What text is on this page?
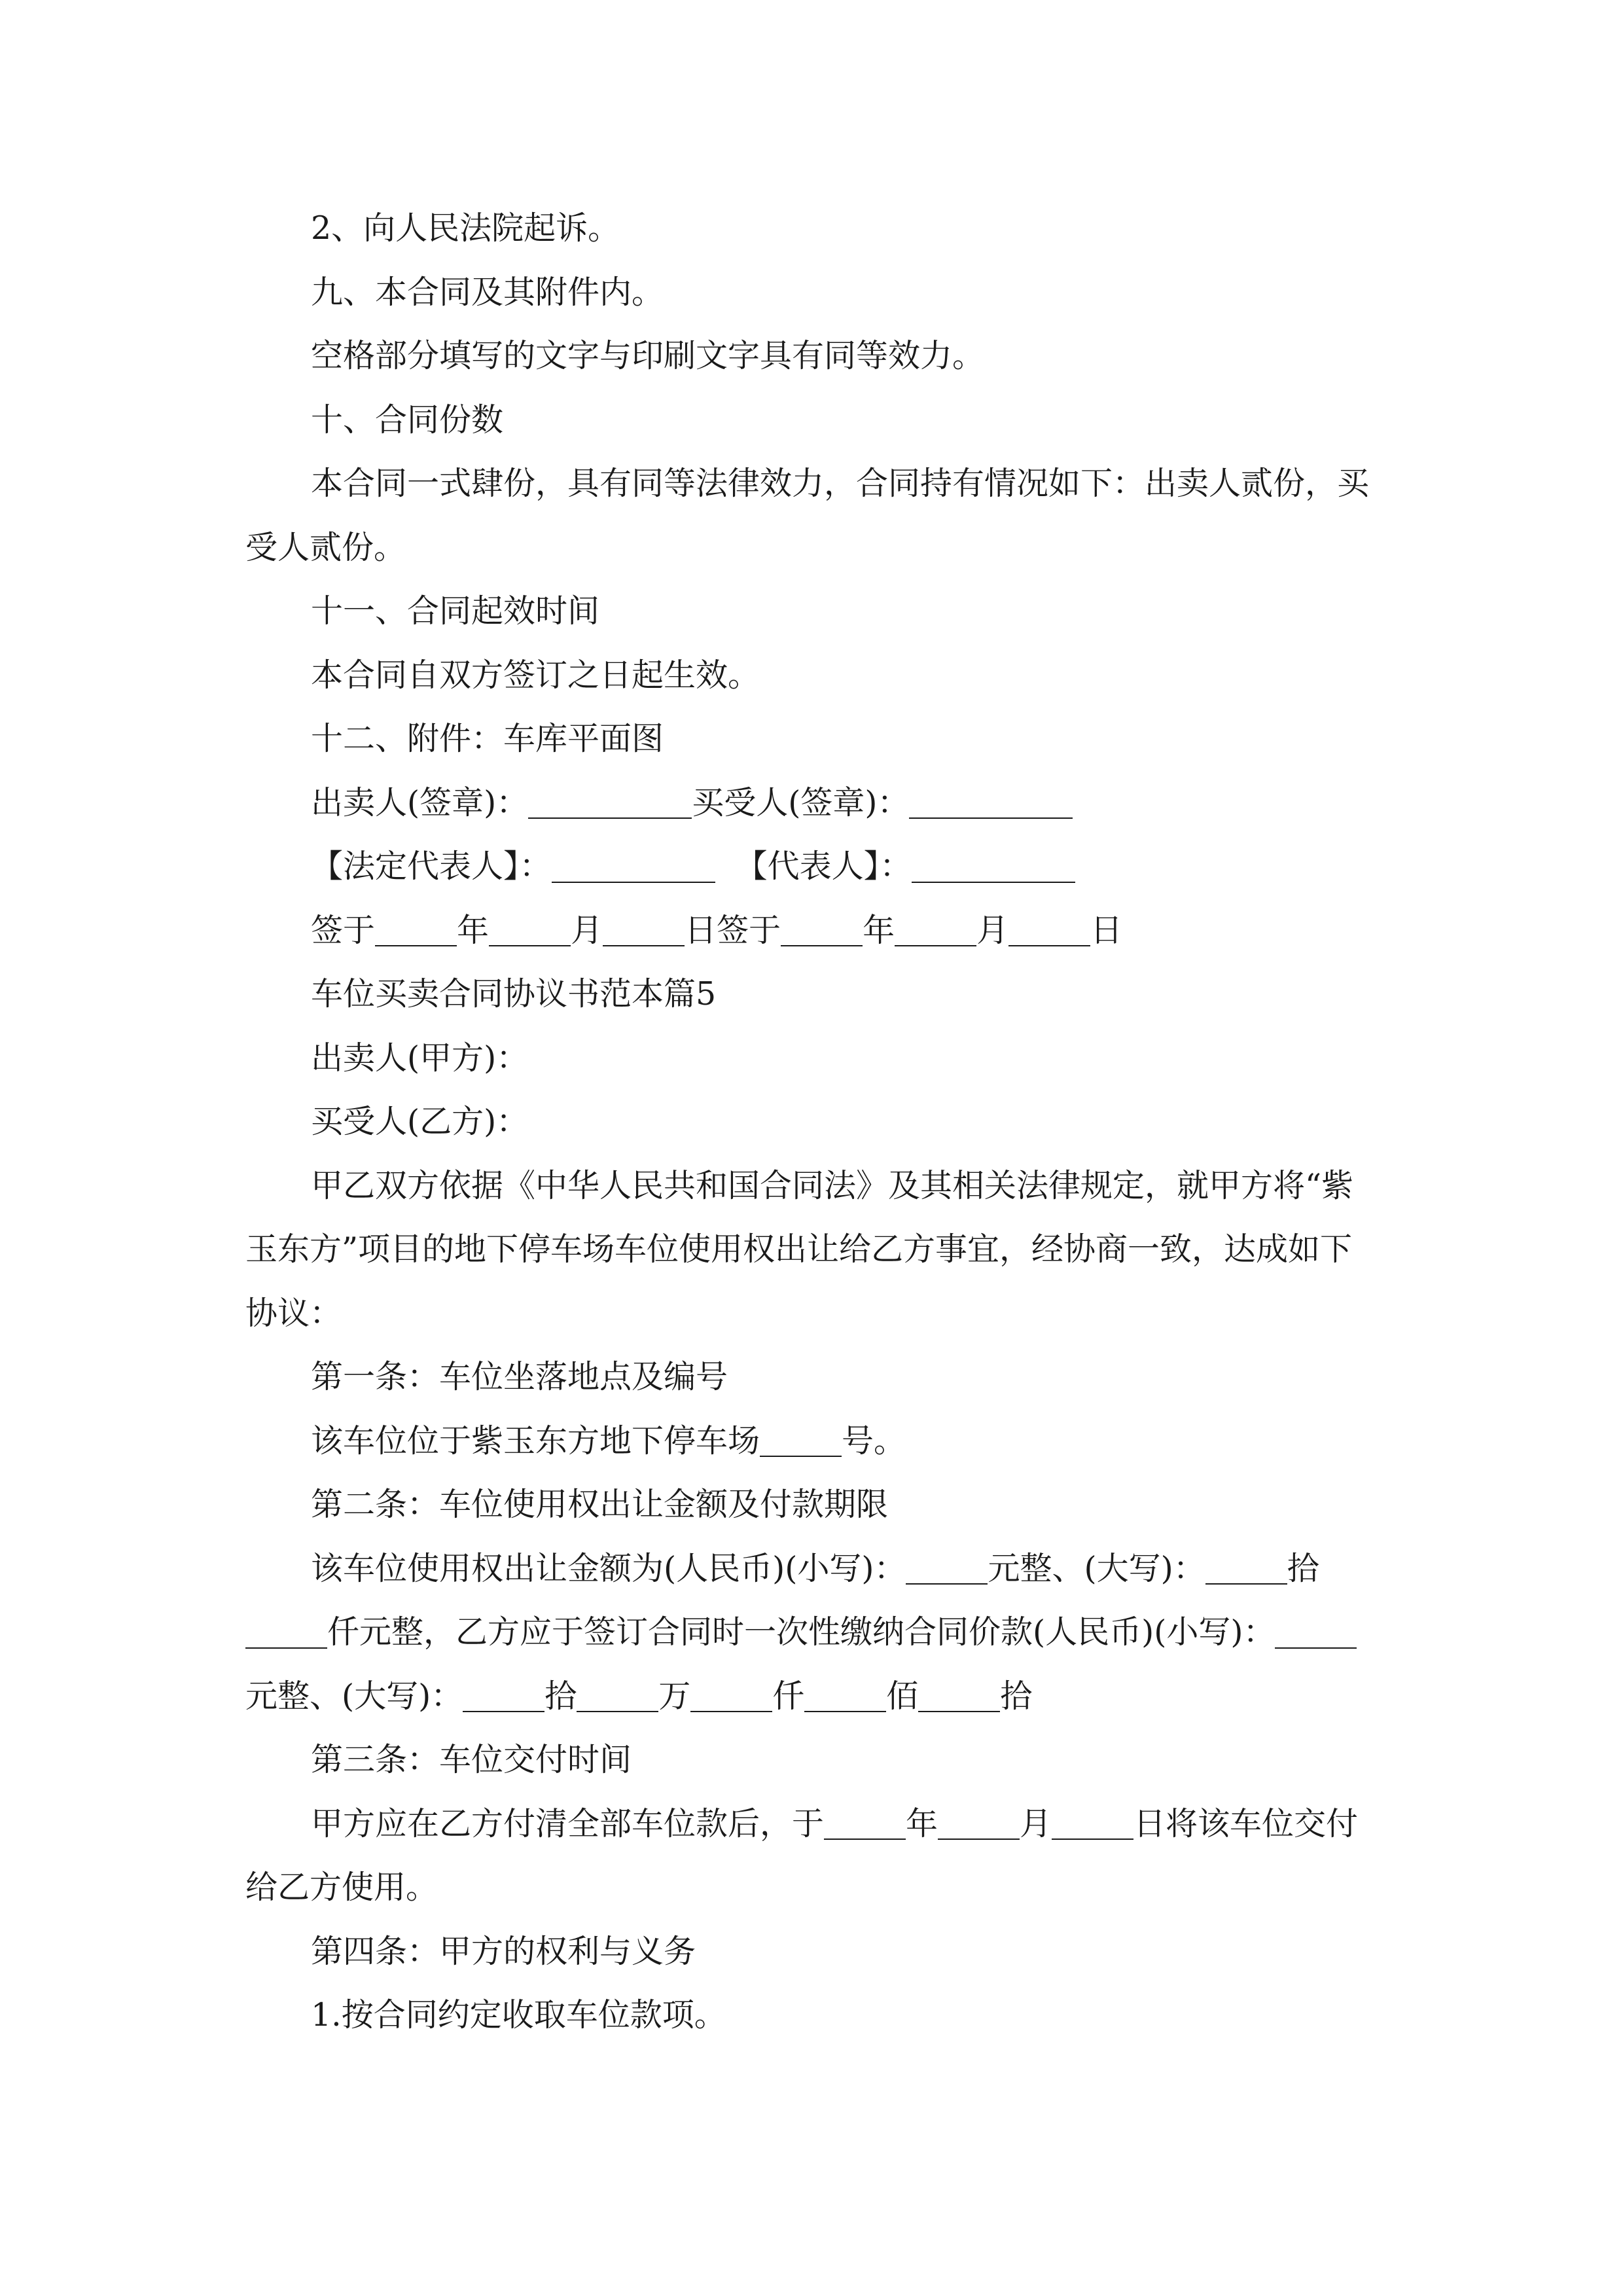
2、向人民法院起诉。

九、本合同及其附件内。

空格部分填写的文字与印刷文字具有同等效力。

十、合同份数

本合同一式肆份，具有同等法律效力，合同持有情况如下：出卖人贰份，买受人贰份。

十一、合同起效时间

本合同自双方签订之日起生效。

十二、附件：车库平面图

出卖人(签章)：	买受人(签章)：

【法定代表人】：	【代表人】：

签于	年	月	日签于	年	月	日

车位买卖合同协议书范本篇5

出卖人(甲方)：

买受人(乙方)：

甲乙双方依据《中华人民共和国合同法》及其相关法律规定，就甲方将“紫玉东方”项目的地下停车场车位使用权出让给乙方事宜，经协商一致，达成如下协议：

第一条：车位坐落地点及编号

该车位位于紫玉东方地下停车场	号。

第二条：车位使用权出让金额及付款期限

该车位使用权出让金额为(人民币)(小写)：	元整、(大写)：	拾仟元整，乙方应于签订合同时一次性缴纳合同价款(人民币)(小写)：元整、(大写)：	拾	万	仟	佰	拾

第三条：车位交付时间

甲方应在乙方付清全部车位款后，于	年	月	日将该车位交付给乙方使用。

第四条：甲方的权利与义务

1.按合同约定收取车位款项。
